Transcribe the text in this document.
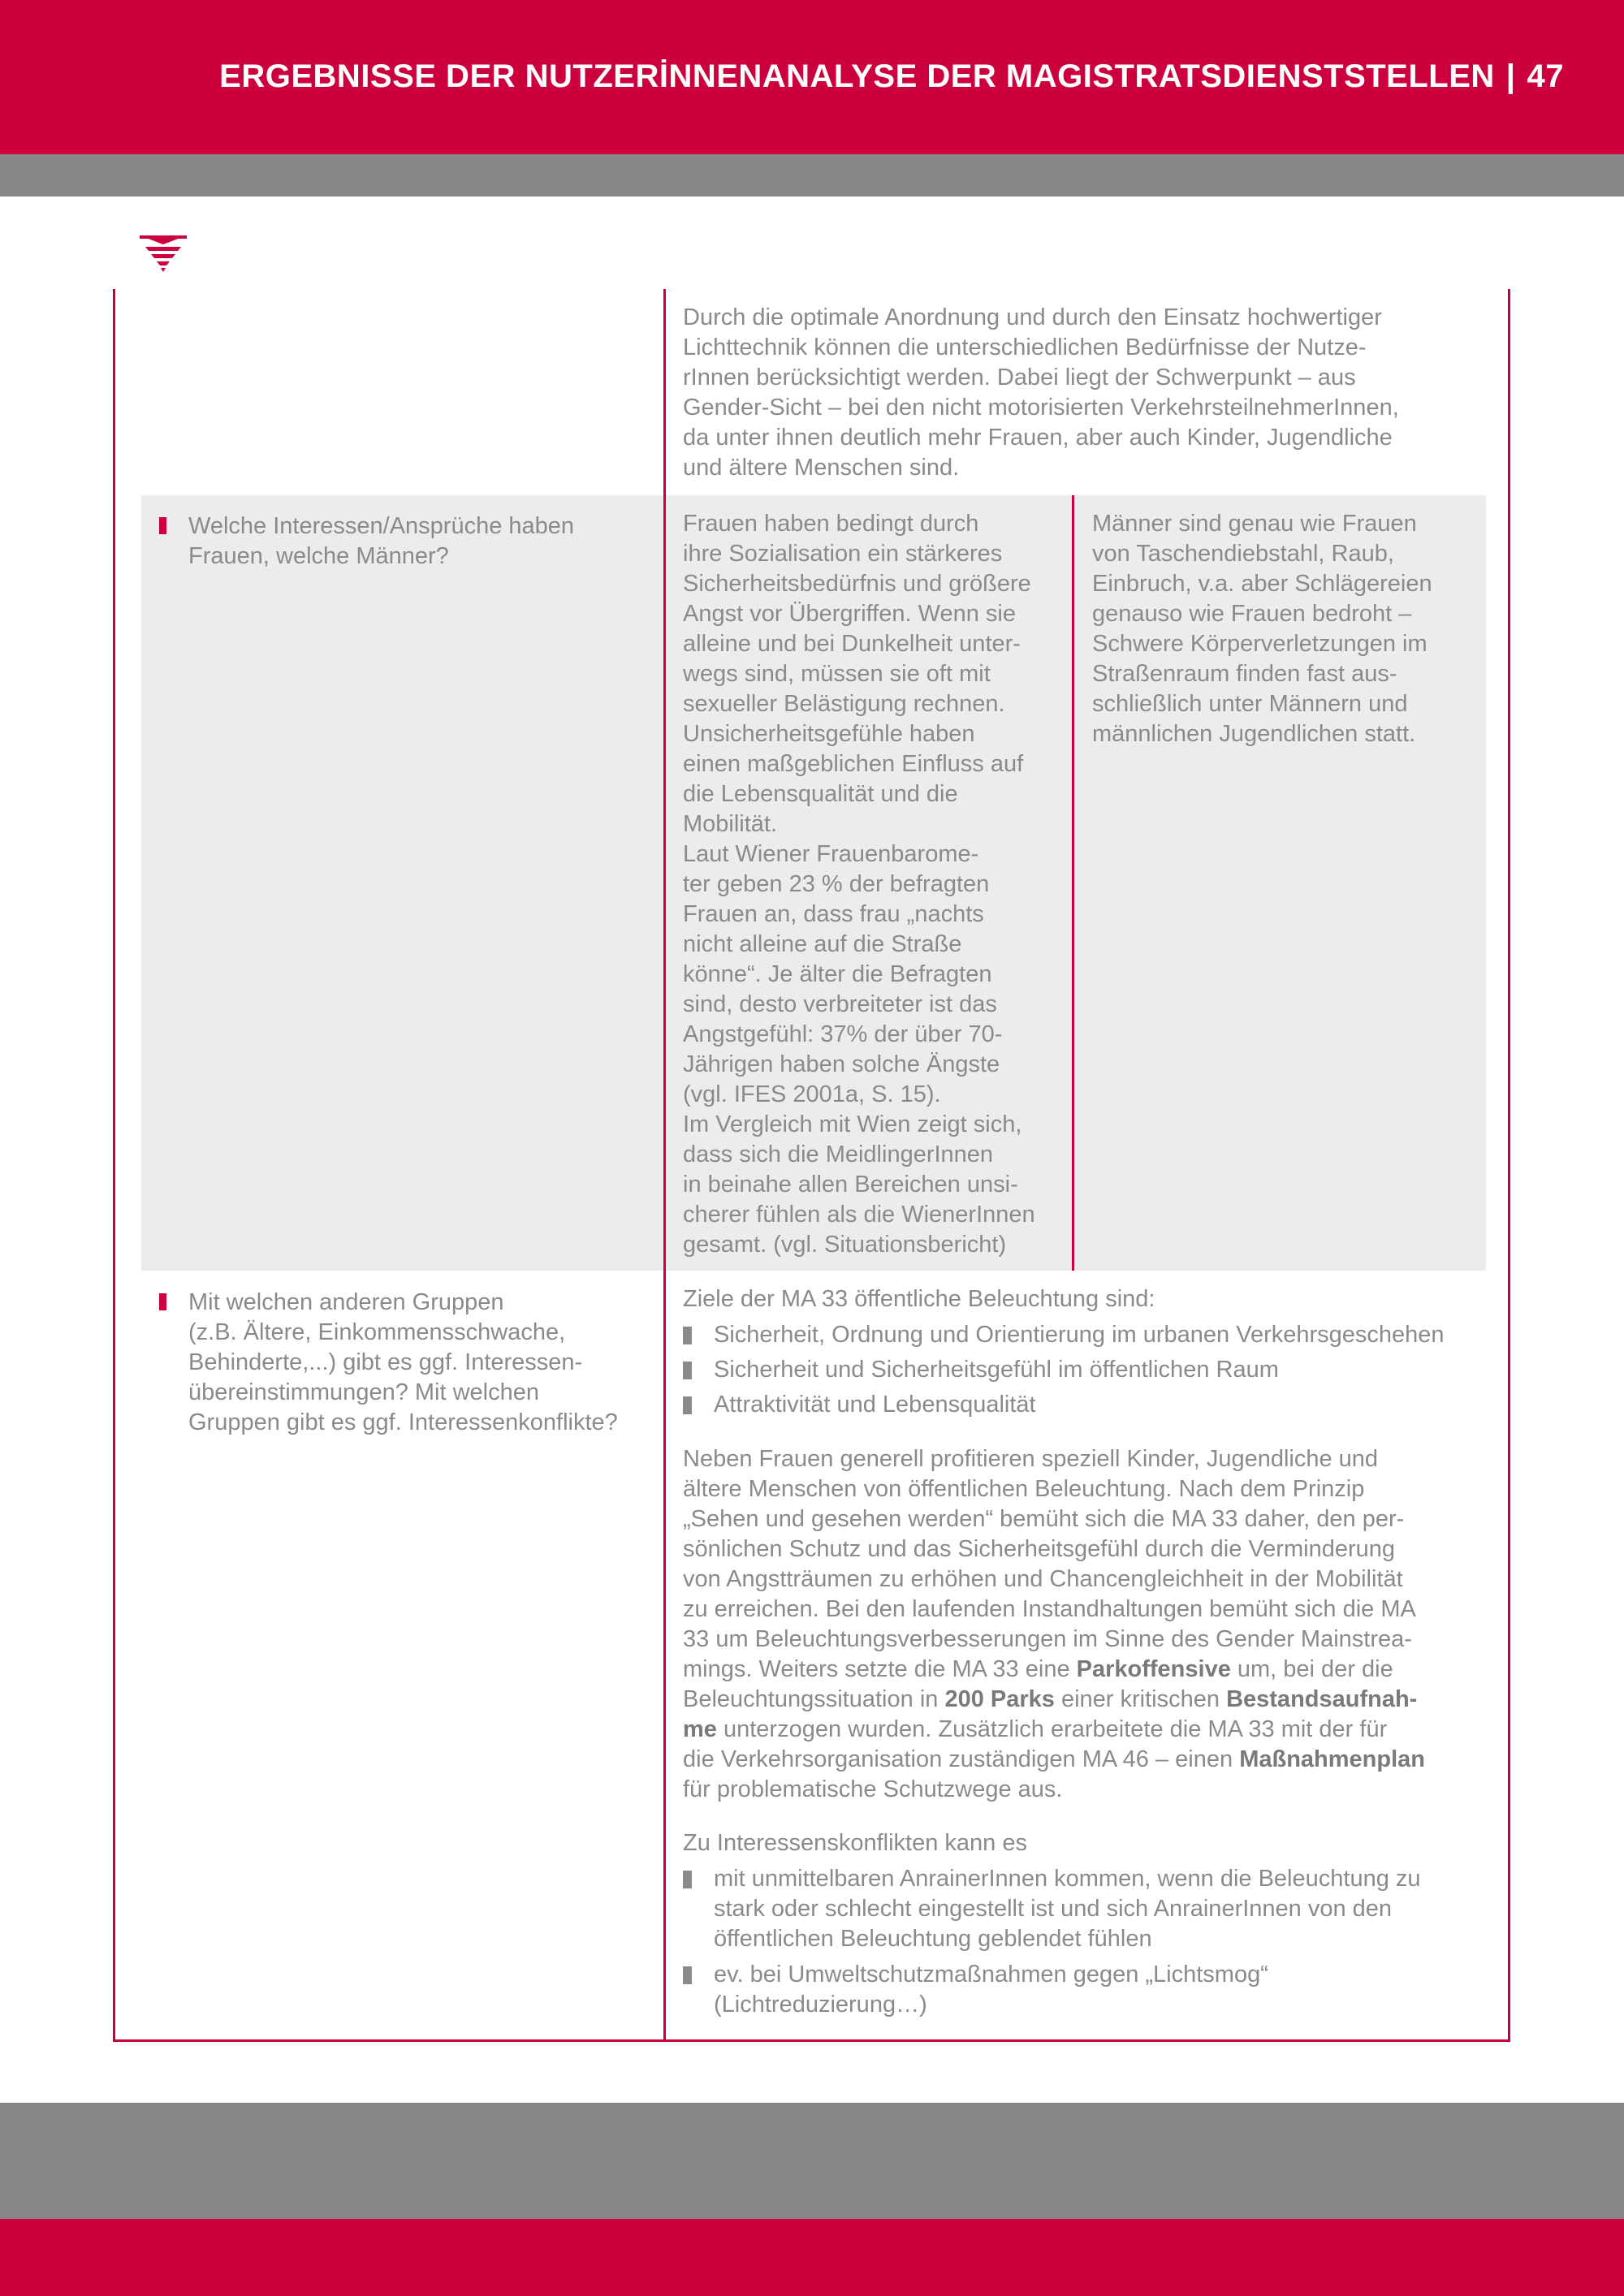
ERGEBNISSE DER NUTZERİNNENANALYSE DER MAGISTRATSDIENSTSTELLEN | 47

Durch die optimale Anordnung und durch den Einsatz hochwertiger

Lichttechnik können die unterschiedlichen Bedürfnisse der Nutze-

rInnen berücksichtigt werden. Dabei liegt der Schwerpunkt – aus

Gender-Sicht – bei den nicht motorisierten VerkehrsteilnehmerInnen,

da unter ihnen deutlich mehr Frauen, aber auch Kinder, Jugendliche

und ältere Menschen sind.

Welche Interessen/Ansprüche haben

Frauen, welche Männer?

Frauen haben bedingt durch

ihre Sozialisation ein stärkeres

Sicherheitsbedürfnis und größere

Angst vor Übergriffen. Wenn sie

alleine und bei Dunkelheit unter-

wegs sind, müssen sie oft mit

sexueller Belästigung rechnen.

Unsicherheitsgefühle haben

einen maßgeblichen Einfluss auf

die Lebensqualität und die

Mobilität.

Laut Wiener Frauenbarome-

ter geben 23 % der befragten

Frauen an, dass frau „nachts

nicht alleine auf die Straße

könne“. Je älter die Befragten

sind, desto verbreiteter ist das

Angstgefühl: 37% der über 70-

Jährigen haben solche Ängste

(vgl. IFES 2001a, S. 15).

Im Vergleich mit Wien zeigt sich,

dass sich die MeidlingerInnen

in beinahe allen Bereichen unsi-

cherer fühlen als die WienerInnen

gesamt. (vgl. Situationsbericht)

Männer sind genau wie Frauen

von Taschendiebstahl, Raub,

Einbruch, v.a. aber Schlägereien

genauso wie Frauen bedroht –

Schwere Körperverletzungen im

Straßenraum finden fast aus-

schließlich unter Männern und

männlichen Jugendlichen statt.

Mit welchen anderen Gruppen

(z.B. Ältere, Einkommensschwache,

Behinderte,...) gibt es ggf. Interessen-

übereinstimmungen? Mit welchen

Gruppen gibt es ggf. Interessenkonflikte?

Ziele der MA 33 öffentliche Beleuchtung sind:

Sicherheit, Ordnung und Orientierung im urbanen Verkehrsgeschehen
Sicherheit und Sicherheitsgefühl im öffentlichen Raum
Attraktivität und Lebensqualität

Neben Frauen generell profitieren speziell Kinder, Jugendliche und

ältere Menschen von öffentlichen Beleuchtung. Nach dem Prinzip

„Sehen und gesehen werden“ bemüht sich die MA 33 daher, den per-

sönlichen Schutz und das Sicherheitsgefühl durch die Verminderung

von Angstträumen zu erhöhen und Chancengleichheit in der Mobilität

zu erreichen. Bei den laufenden Instandhaltungen bemüht sich die MA

33 um Beleuchtungsverbesserungen im Sinne des Gender Mainstrea-

mings. Weiters setzte die MA 33 eine Parkoffensive um, bei der die

Beleuchtungssituation in 200 Parks einer kritischen Bestandsaufnah-

me unterzogen wurden. Zusätzlich erarbeitete die MA 33 mit der für

die Verkehrsorganisation zuständigen MA 46 – einen Maßnahmenplan

für problematische Schutzwege aus.

Zu Interessenskonflikten kann es

mit unmittelbaren AnrainerInnen kommen, wenn die Beleuchtung zu

stark oder schlecht eingestellt ist und sich AnrainerInnen von den

öffentlichen Beleuchtung geblendet fühlen

ev. bei Umweltschutzmaßnahmen gegen „Lichtsmog“

(Lichtreduzierung…)
